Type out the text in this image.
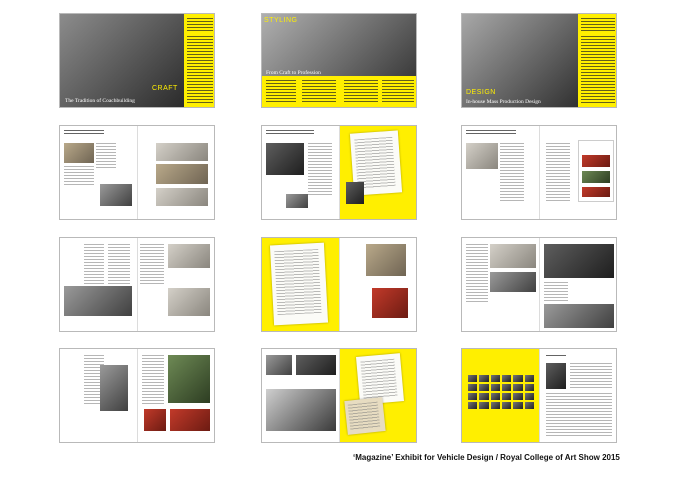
CRAFT
The Tradition of Coachbuilding
STYLING
From Craft to Profession
DESIGN
In-house Mass Production Design
‘Magazine’ Exhibit for Vehicle Design / Royal College of Art Show 2015
